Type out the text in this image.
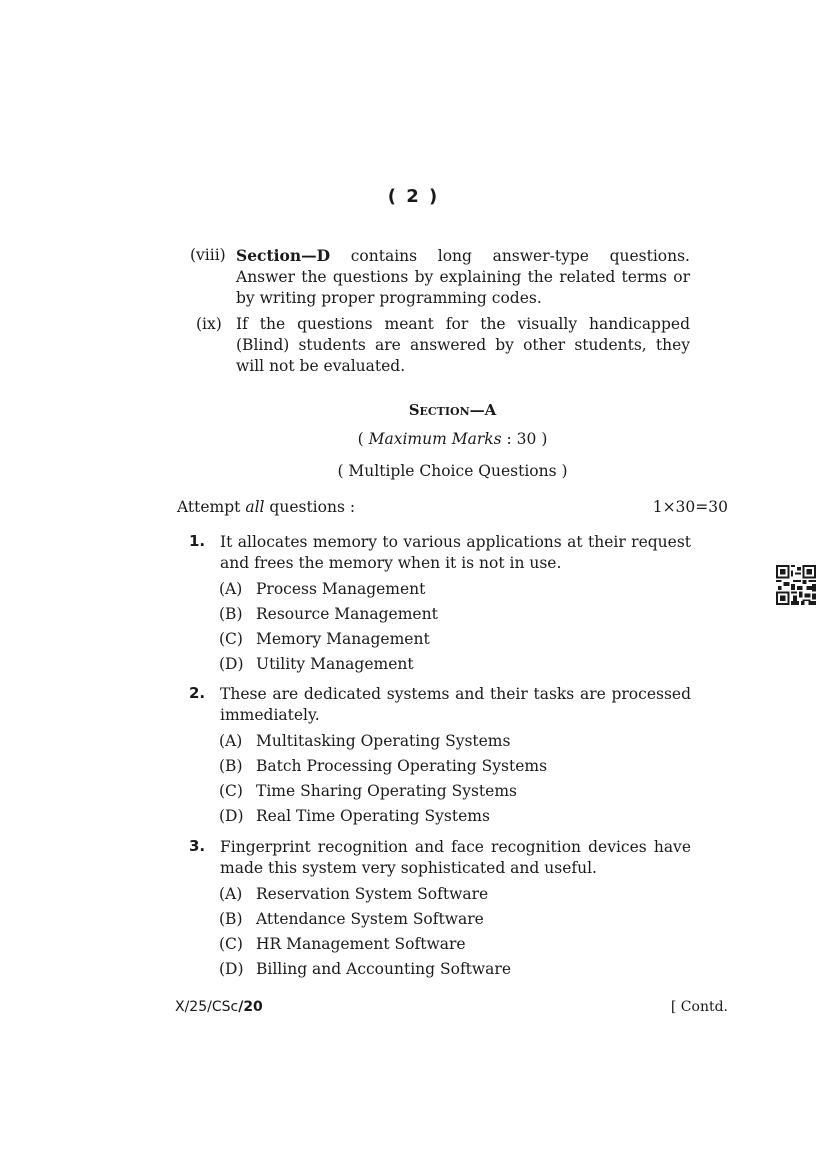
( 2 )
(viii) Section—D contains long answer-type questions. Answer the questions by explaining the related terms or by writing proper programming codes.
(ix) If the questions meant for the visually handicapped (Blind) students are answered by other students, they will not be evaluated.
Section—A
( Maximum Marks : 30 )
( Multiple Choice Questions )
Attempt all questions :	1×30=30
1. It allocates memory to various applications at their request and frees the memory when it is not in use.
(A) Process Management
(B) Resource Management
(C) Memory Management
(D) Utility Management
2. These are dedicated systems and their tasks are processed immediately.
(A) Multitasking Operating Systems
(B) Batch Processing Operating Systems
(C) Time Sharing Operating Systems
(D) Real Time Operating Systems
3. Fingerprint recognition and face recognition devices have made this system very sophisticated and useful.
(A) Reservation System Software
(B) Attendance System Software
(C) HR Management Software
(D) Billing and Accounting Software
X/25/CSc/20	[ Contd.
